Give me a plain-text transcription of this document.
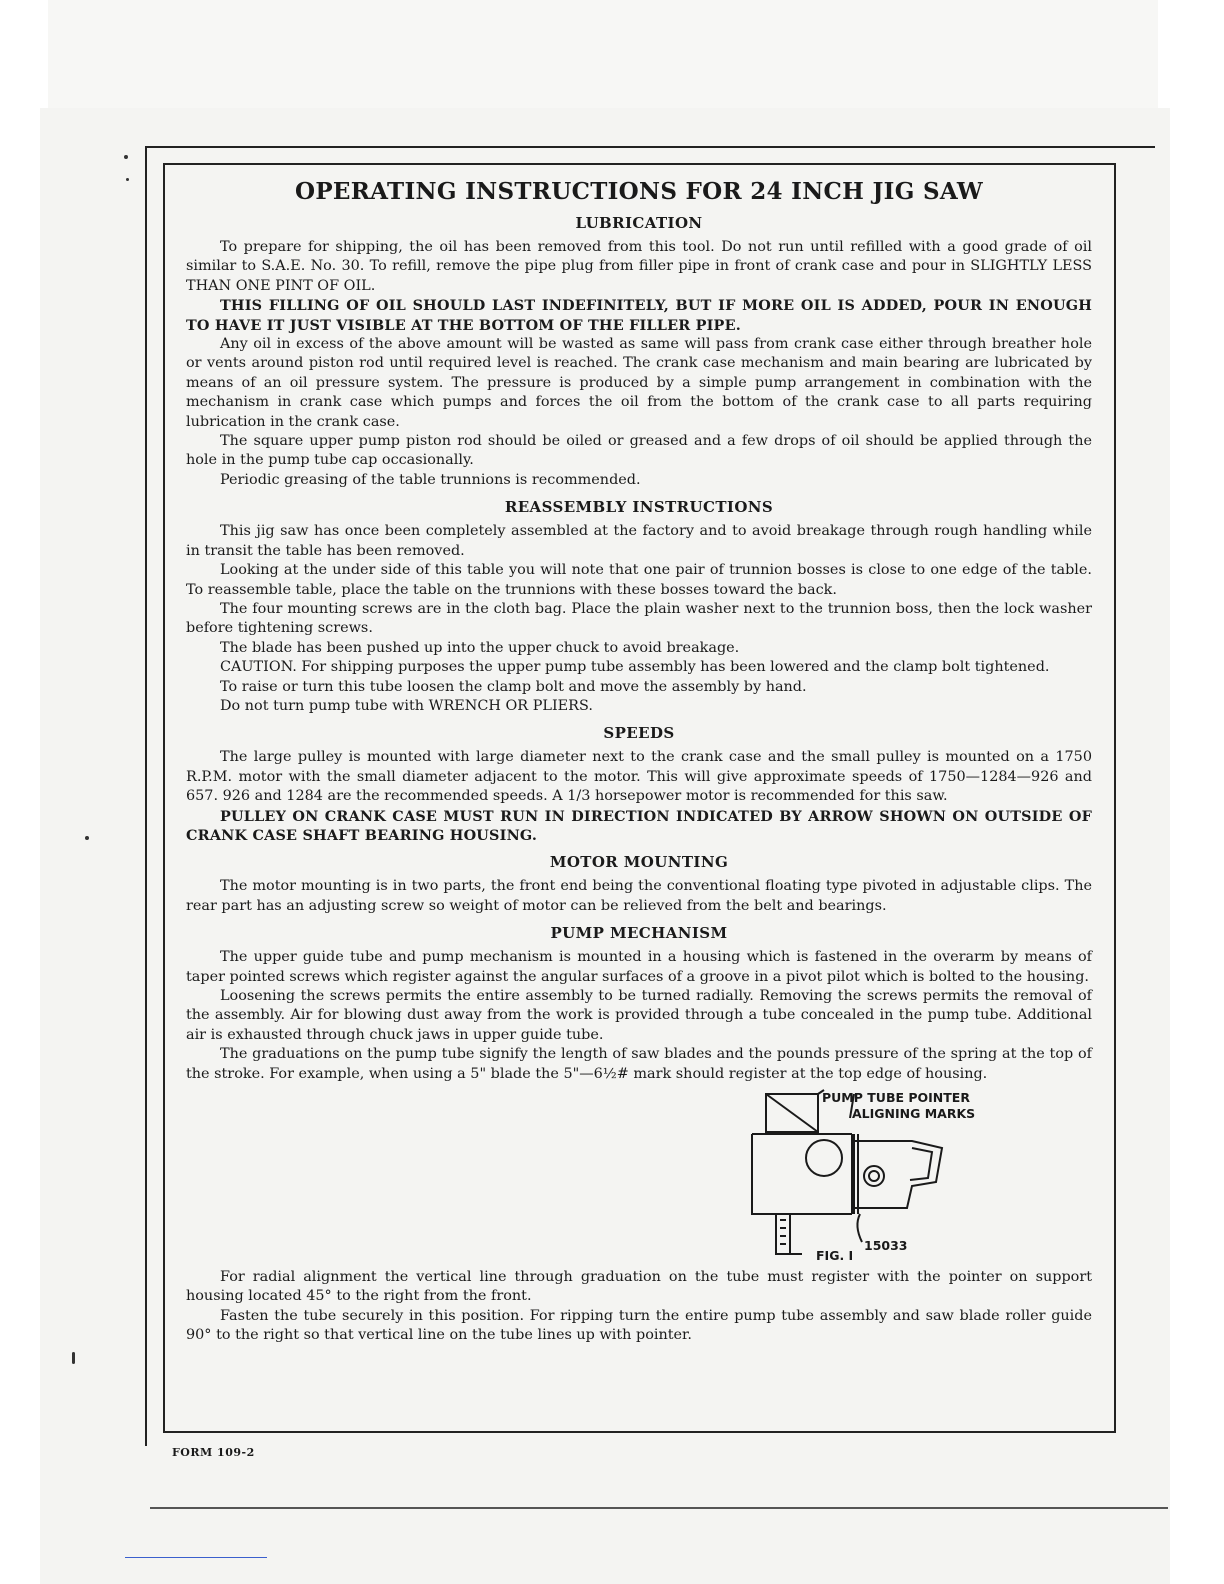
OPERATING INSTRUCTIONS FOR 24 INCH JIG SAW
LUBRICATION

To prepare for shipping, the oil has been removed from this tool. Do not run until refilled with a good grade of oil similar to S.A.E. No. 30. To refill, remove the pipe plug from filler pipe in front of crank case and pour in SLIGHTLY LESS THAN ONE PINT OF OIL.

THIS FILLING OF OIL SHOULD LAST INDEFINITELY, BUT IF MORE OIL IS ADDED, POUR IN ENOUGH TO HAVE IT JUST VISIBLE AT THE BOTTOM OF THE FILLER PIPE.

Any oil in excess of the above amount will be wasted as same will pass from crank case either through breather hole or vents around piston rod until required level is reached. The crank case mechanism and main bearing are lubricated by means of an oil pressure system. The pressure is produced by a simple pump arrangement in combination with the mechanism in crank case which pumps and forces the oil from the bottom of the crank case to all parts requiring lubrication in the crank case.

The square upper pump piston rod should be oiled or greased and a few drops of oil should be applied through the hole in the pump tube cap occasionally.

Periodic greasing of the table trunnions is recommended.

REASSEMBLY INSTRUCTIONS

This jig saw has once been completely assembled at the factory and to avoid breakage through rough handling while in transit the table has been removed.

Looking at the under side of this table you will note that one pair of trunnion bosses is close to one edge of the table. To reassemble table, place the table on the trunnions with these bosses toward the back.

The four mounting screws are in the cloth bag. Place the plain washer next to the trunnion boss, then the lock washer before tightening screws.

The blade has been pushed up into the upper chuck to avoid breakage.

CAUTION. For shipping purposes the upper pump tube assembly has been lowered and the clamp bolt tightened.

To raise or turn this tube loosen the clamp bolt and move the assembly by hand.

Do not turn pump tube with WRENCH OR PLIERS.

SPEEDS

The large pulley is mounted with large diameter next to the crank case and the small pulley is mounted on a 1750 R.P.M. motor with the small diameter adjacent to the motor. This will give approximate speeds of 1750—1284—926 and 657. 926 and 1284 are the recommended speeds. A 1/3 horsepower motor is recommended for this saw.

PULLEY ON CRANK CASE MUST RUN IN DIRECTION INDICATED BY ARROW SHOWN ON OUTSIDE OF CRANK CASE SHAFT BEARING HOUSING.

MOTOR MOUNTING

The motor mounting is in two parts, the front end being the conventional floating type pivoted in adjustable clips. The rear part has an adjusting screw so weight of motor can be relieved from the belt and bearings.

PUMP MECHANISM

The upper guide tube and pump mechanism is mounted in a housing which is fastened in the overarm by means of taper pointed screws which register against the angular surfaces of a groove in a pivot pilot which is bolted to the housing.

Loosening the screws permits the entire assembly to be turned radially. Removing the screws permits the removal of the assembly. Air for blowing dust away from the work is provided through a tube concealed in the pump tube. Additional air is exhausted through chuck jaws in upper guide tube.

The graduations on the pump tube signify the length of saw blades and the pounds pressure of the spring at the top of the stroke. For example, when using a 5" blade the 5"—6½# mark should register at the top edge of housing.

PUMP TUBE POINTER
ALIGNING MARKS
15033
FIG. I

For radial alignment the vertical line through graduation on the tube must register with the pointer on support housing located 45° to the right from the front.

Fasten the tube securely in this position. For ripping turn the entire pump tube assembly and saw blade roller guide 90° to the right so that vertical line on the tube lines up with pointer.

FORM 109-2
